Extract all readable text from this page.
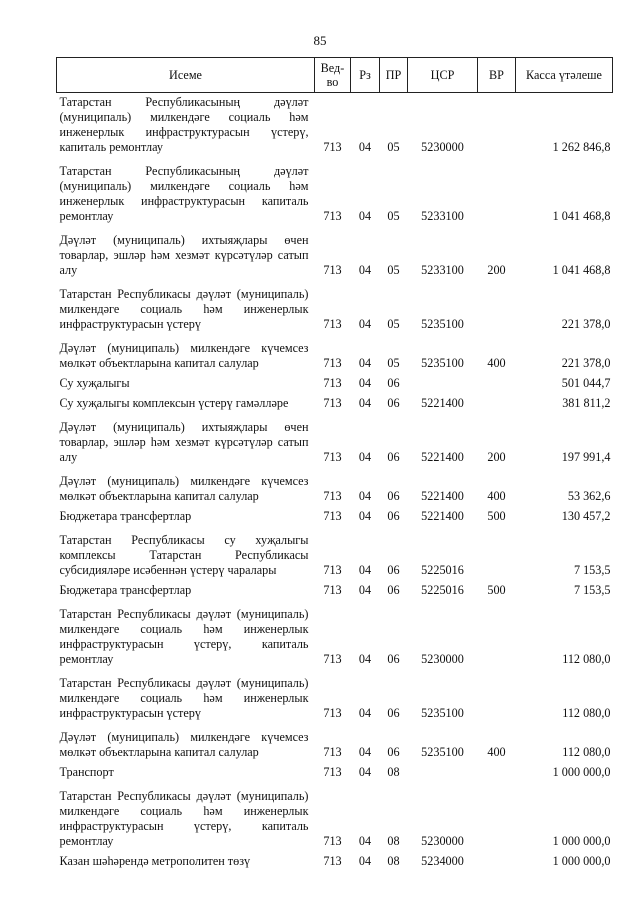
85
Исеме	Вед-во	Рз	ПР	ЦСР	ВР	Касса үтәлеше
Татарстан Республикасының дәүләт (муниципаль) милкендәге социаль һәм инженерлык инфраструктурасын үстерү, капиталь ремонтлау	713	04	05	5230000		1 262 846,8
Татарстан Республикасының дәүләт (муниципаль) милкендәге социаль һәм инженерлык инфраструктурасын капиталь ремонтлау	713	04	05	5233100		1 041 468,8
Дәүләт (муниципаль) ихтыяҗлары өчен товарлар, эшләр һәм хезмәт күрсәтүләр сатып алу	713	04	05	5233100	200	1 041 468,8
Татарстан Республикасы дәүләт (муниципаль) милкендәге социаль һәм инженерлык инфраструктурасын үстерү	713	04	05	5235100		221 378,0
Дәүләт (муниципаль) милкендәге күчемсез мөлкәт объектларына капитал салулар	713	04	05	5235100	400	221 378,0
Су хуҗалыгы	713	04	06			501 044,7
Су хуҗалыгы комплексын үстерү гамәлләре	713	04	06	5221400		381 811,2
Дәүләт (муниципаль) ихтыяҗлары өчен товарлар, эшләр һәм хезмәт күрсәтүләр сатып алу	713	04	06	5221400	200	197 991,4
Дәүләт (муниципаль) милкендәге күчемсез мөлкәт объектларына капитал салулар	713	04	06	5221400	400	53 362,6
Бюджетара трансфертлар	713	04	06	5221400	500	130 457,2
Татарстан Республикасы су хуҗалыгы комплексы Татарстан Республикасы субсидияләре исәбеннән үстерү чаралары	713	04	06	5225016		7 153,5
Бюджетара трансфертлар	713	04	06	5225016	500	7 153,5
Татарстан Республикасы дәүләт (муниципаль) милкендәге социаль һәм инженерлык инфраструктурасын үстерү, капиталь ремонтлау	713	04	06	5230000		112 080,0
Татарстан Республикасы дәүләт (муниципаль) милкендәге социаль һәм инженерлык инфраструктурасын үстерү	713	04	06	5235100		112 080,0
Дәүләт (муниципаль) милкендәге күчемсез мөлкәт объектларына капитал салулар	713	04	06	5235100	400	112 080,0
Транспорт	713	04	08			1 000 000,0
Татарстан Республикасы дәүләт (муниципаль) милкендәге социаль һәм инженерлык инфраструктурасын үстерү, капиталь ремонтлау	713	04	08	5230000		1 000 000,0
Казан шәһәрендә метрополитен төзү	713	04	08	5234000		1 000 000,0
